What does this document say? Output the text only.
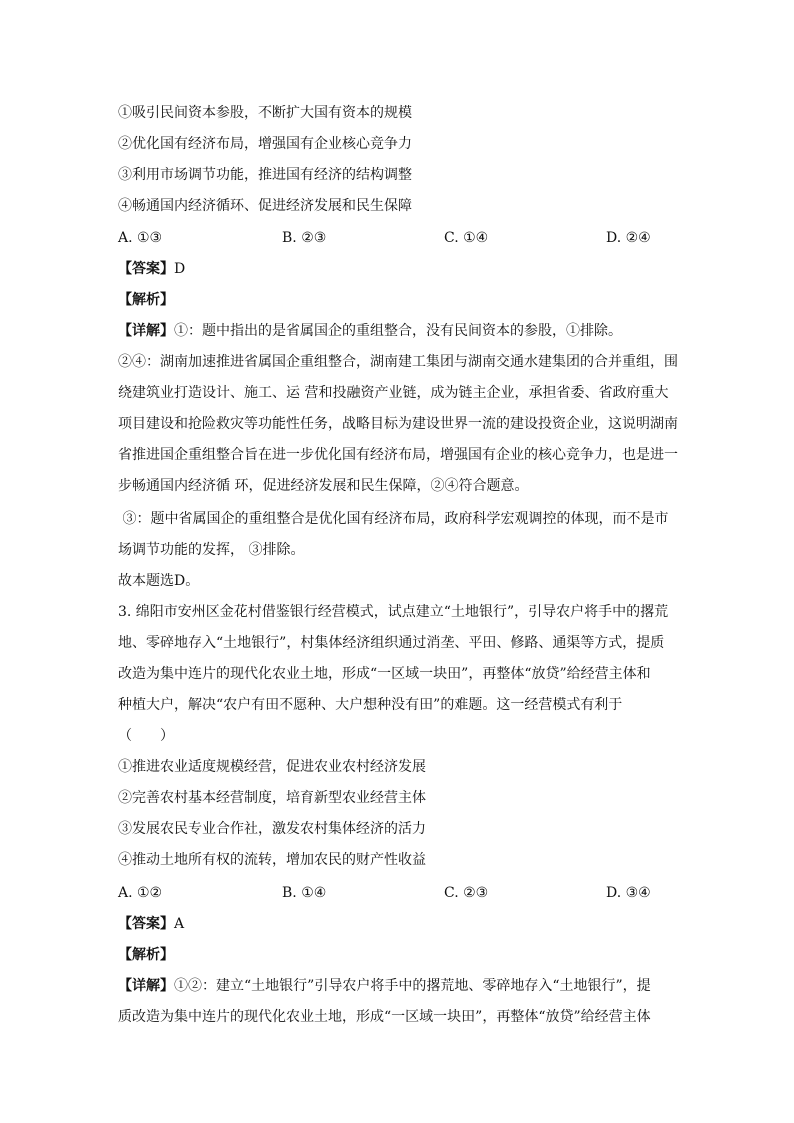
①吸引民间资本参股，不断扩大国有资本的规模
②优化国有经济布局，增强国有企业核心竞争力
③利用市场调节功能，推进国有经济的结构调整
④畅通国内经济循环、促进经济发展和民生保障
A. ①③	B. ②③	C. ①④	D. ②④
【答案】D
【解析】
【详解】①：题中指出的是省属国企的重组整合，没有民间资本的参股，①排除。
②④：湖南加速推进省属国企重组整合，湖南建工集团与湖南交通水建集团的合并重组，围
绕建筑业打造设计、施工、运 营和投融资产业链，成为链主企业，承担省委、省政府重大
项目建设和抢险救灾等功能性任务，战略目标为建设世界一流的建设投资企业，这说明湖南
省推进国企重组整合旨在进一步优化国有经济布局，增强国有企业的核心竞争力，也是进一
步畅通国内经济循 环，促进经济发展和民生保障，②④符合题意。
③：题中省属国企的重组整合是优化国有经济布局，政府科学宏观调控的体现，而不是市
场调节功能的发挥， ③排除。
故本题选D。
3. 绵阳市安州区金花村借鉴银行经营模式，试点建立“土地银行”，引导农户将手中的撂荒
地、零碎地存入“土地银行”，村集体经济组织通过消垄、平田、修路、通渠等方式，提质
改造为集中连片的现代化农业土地，形成“一区域一块田”，再整体“放贷”给经营主体和
种植大户，解决“农户有田不愿种、大户想种没有田”的难题。这一经营模式有利于
（　　）
①推进农业适度规模经营，促进农业农村经济发展
②完善农村基本经营制度，培育新型农业经营主体
③发展农民专业合作社，激发农村集体经济的活力
④推动土地所有权的流转，增加农民的财产性收益
A. ①②	B. ①④	C. ②③	D. ③④
【答案】A
【解析】
【详解】①②：建立“土地银行”引导农户将手中的撂荒地、零碎地存入“土地银行”，提
质改造为集中连片的现代化农业土地，形成“一区域一块田”，再整体“放贷”给经营主体
